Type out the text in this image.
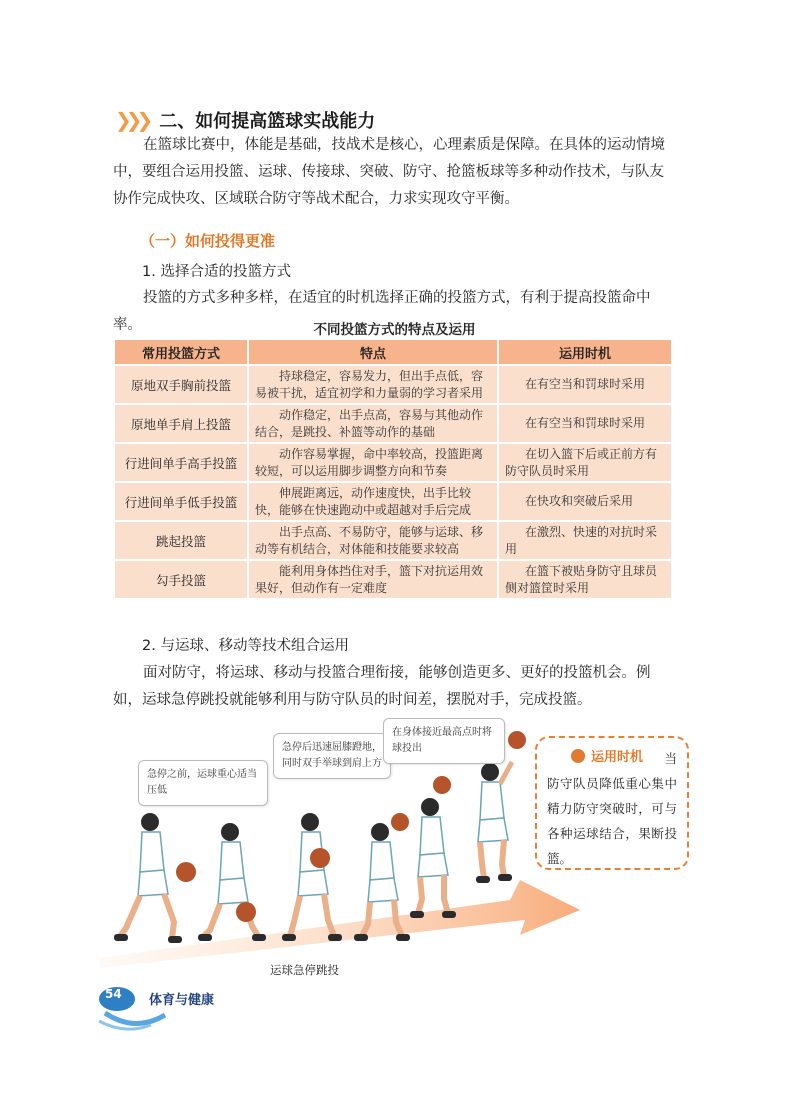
❯❯❯ 二、如何提高篮球实战能力

在篮球比赛中，体能是基础，技战术是核心，心理素质是保障。在具体的运动情境中，要组合运用投篮、运球、传接球、突破、防守、抢篮板球等多种动作技术，与队友协作完成快攻、区域联合防守等战术配合，力求实现攻守平衡。

（一）如何投得更准
1. 选择合适的投篮方式

投篮的方式多种多样，在适宜的时机选择正确的投篮方式，有利于提高投篮命中率。	不同投篮方式的特点及运用
常用投篮方式	特点	运用时机
原地双手胸前投篮	持球稳定，容易发力，但出手点低，容易被干扰，适宜初学和力量弱的学习者采用	在有空当和罚球时采用
原地单手肩上投篮	动作稳定，出手点高，容易与其他动作结合，是跳投、补篮等动作的基础	在有空当和罚球时采用
行进间单手高手投篮	动作容易掌握，命中率较高，投篮距离较短，可以运用脚步调整方向和节奏	在切入篮下后或正前方有防守队员时采用
行进间单手低手投篮	伸展距离远，动作速度快，出手比较快，能够在快速跑动中或超越对手后完成	在快攻和突破后采用
跳起投篮	出手点高、不易防守，能够与运球、移动等有机结合，对体能和技能要求较高	在激烈、快速的对抗时采用
勾手投篮	能利用身体挡住对手，篮下对抗运用效果好，但动作有一定难度	在篮下被贴身防守且球员侧对篮筐时采用
2. 与运球、移动等技术组合运用

面对防守，将运球、移动与投篮合理衔接，能够创造更多、更好的投篮机会。例如，运球急停跳投就能够利用与防守队员的时间差，摆脱对手，完成投篮。

急停之前，运球重心适当压低
急停后迅速屈膝蹬地，同时双手举球到肩上方
在身体接近最高点时将球投出
当防守队员降低重心集中精力防守突破时，可与各种运球结合，果断投篮。
运用时机
运球急停跳投
54 体育与健康
